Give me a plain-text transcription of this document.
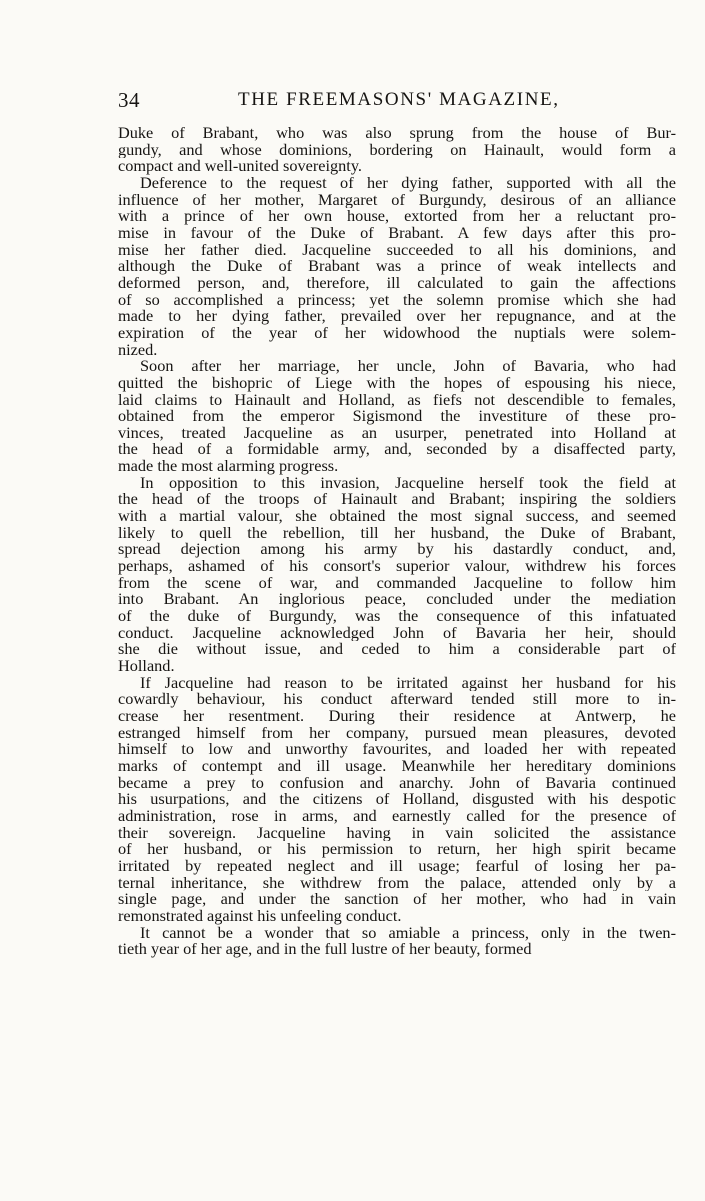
34	THE FREEMASONS' MAGAZINE,
Duke of Brabant, who was also sprung from the house of Bur-
gundy, and whose dominions, bordering on Hainault, would form a
compact and well-united sovereignty.
Deference to the request of her dying father, supported with all the
influence of her mother, Margaret of Burgundy, desirous of an alliance
with a prince of her own house, extorted from her a reluctant pro-
mise in favour of the Duke of Brabant. A few days after this pro-
mise her father died. Jacqueline succeeded to all his dominions, and
although the Duke of Brabant was a prince of weak intellects and
deformed person, and, therefore, ill calculated to gain the affections
of so accomplished a princess; yet the solemn promise which she had
made to her dying father, prevailed over her repugnance, and at the
expiration of the year of her widowhood the nuptials were solem-
nized.
Soon after her marriage, her uncle, John of Bavaria, who had
quitted the bishopric of Liege with the hopes of espousing his niece,
laid claims to Hainault and Holland, as fiefs not descendible to females,
obtained from the emperor Sigismond the investiture of these pro-
vinces, treated Jacqueline as an usurper, penetrated into Holland at
the head of a formidable army, and, seconded by a disaffected party,
made the most alarming progress.
In opposition to this invasion, Jacqueline herself took the field at
the head of the troops of Hainault and Brabant; inspiring the soldiers
with a martial valour, she obtained the most signal success, and seemed
likely to quell the rebellion, till her husband, the Duke of Brabant,
spread dejection among his army by his dastardly conduct, and,
perhaps, ashamed of his consort's superior valour, withdrew his forces
from the scene of war, and commanded Jacqueline to follow him
into Brabant. An inglorious peace, concluded under the mediation
of the duke of Burgundy, was the consequence of this infatuated
conduct. Jacqueline acknowledged John of Bavaria her heir, should
she die without issue, and ceded to him a considerable part of
Holland.
If Jacqueline had reason to be irritated against her husband for his
cowardly behaviour, his conduct afterward tended still more to in-
crease her resentment. During their residence at Antwerp, he
estranged himself from her company, pursued mean pleasures, devoted
himself to low and unworthy favourites, and loaded her with repeated
marks of contempt and ill usage. Meanwhile her hereditary dominions
became a prey to confusion and anarchy. John of Bavaria continued
his usurpations, and the citizens of Holland, disgusted with his despotic
administration, rose in arms, and earnestly called for the presence of
their sovereign. Jacqueline having in vain solicited the assistance
of her husband, or his permission to return, her high spirit became
irritated by repeated neglect and ill usage; fearful of losing her pa-
ternal inheritance, she withdrew from the palace, attended only by a
single page, and under the sanction of her mother, who had in vain
remonstrated against his unfeeling conduct.
It cannot be a wonder that so amiable a princess, only in the twen-
tieth year of her age, and in the full lustre of her beauty, formed
